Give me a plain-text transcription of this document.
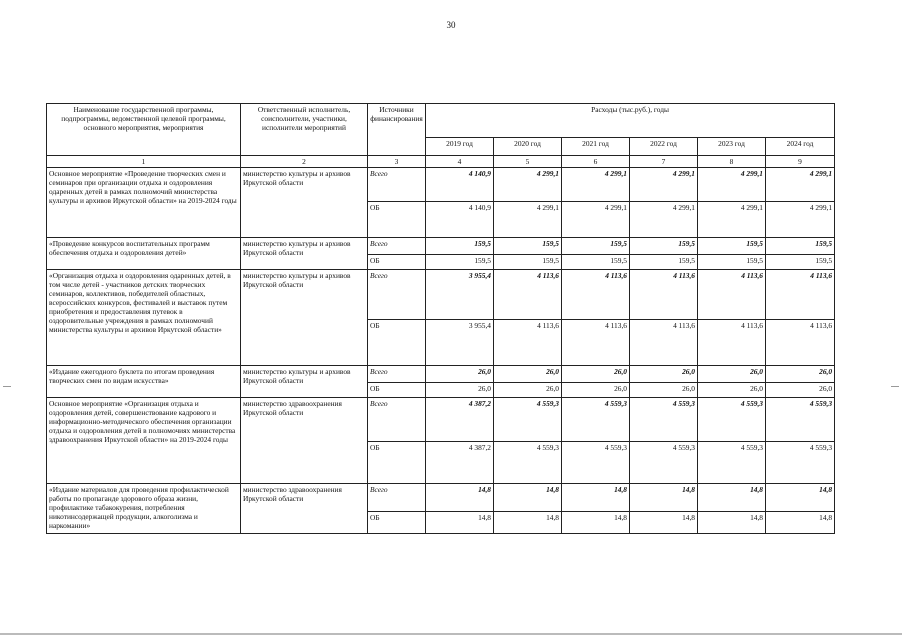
30
Наименование государственной программы, подпрограммы, ведомственной целевой программы, основного мероприятия, мероприятия	Ответственный исполнитель, соисполнители, участники, исполнители мероприятий	Источники финансирования	Расходы (тыс.руб.), годы					
			2019 год	2020 год	2021 год	2022 год	2023 год	2024 год
1	2	3	4	5	6	7	8	9
Основное мероприятие «Проведение творческих смен и семинаров при организации отдыха и оздоровления одаренных детей в рамках полномочий министерства культуры и архивов Иркутской области» на 2019-2024 годы	министерство культуры и архивов Иркутской области	Всего	4 140,9	4 299,1	4 299,1	4 299,1	4 299,1	4 299,1
		ОБ	4 140,9	4 299,1	4 299,1	4 299,1	4 299,1	4 299,1
«Проведение конкурсов воспитательных программ обеспечения отдыха и оздоровления детей»	министерство культуры и архивов Иркутской области	Всего	159,5	159,5	159,5	159,5	159,5	159,5
		ОБ	159,5	159,5	159,5	159,5	159,5	159,5
«Организация отдыха и оздоровления одаренных детей, в том числе детей - участников детских творческих семинаров, коллективов, победителей областных, всероссийских конкурсов, фестивалей и выставок путем приобретения и предоставления путевок в оздоровительные учреждения в рамках полномочий министерства культуры и архивов Иркутской области»	министерство культуры и архивов Иркутской области	Всего	3 955,4	4 113,6	4 113,6	4 113,6	4 113,6	4 113,6
		ОБ	3 955,4	4 113,6	4 113,6	4 113,6	4 113,6	4 113,6
«Издание ежегодного буклета по итогам проведения творческих смен по видам искусства»	министерство культуры и архивов Иркутской области	Всего	26,0	26,0	26,0	26,0	26,0	26,0
		ОБ	26,0	26,0	26,0	26,0	26,0	26,0
Основное мероприятие «Организация отдыха и оздоровления детей, совершенствование кадрового и информационно-методического обеспечения организации отдыха и оздоровления детей в полномочиях министерства здравоохранения Иркутской области» на 2019-2024 годы	министерство здравоохранения Иркутской области	Всего	4 387,2	4 559,3	4 559,3	4 559,3	4 559,3	4 559,3
		ОБ	4 387,2	4 559,3	4 559,3	4 559,3	4 559,3	4 559,3
«Издание материалов для проведения профилактической работы по пропаганде здорового образа жизни, профилактике табакокурения, потребления никотинсодержащей продукции, алкоголизма и наркомании»	министерство здравоохранения Иркутской области	Всего	14,8	14,8	14,8	14,8	14,8	14,8
		ОБ	14,8	14,8	14,8	14,8	14,8	14,8
